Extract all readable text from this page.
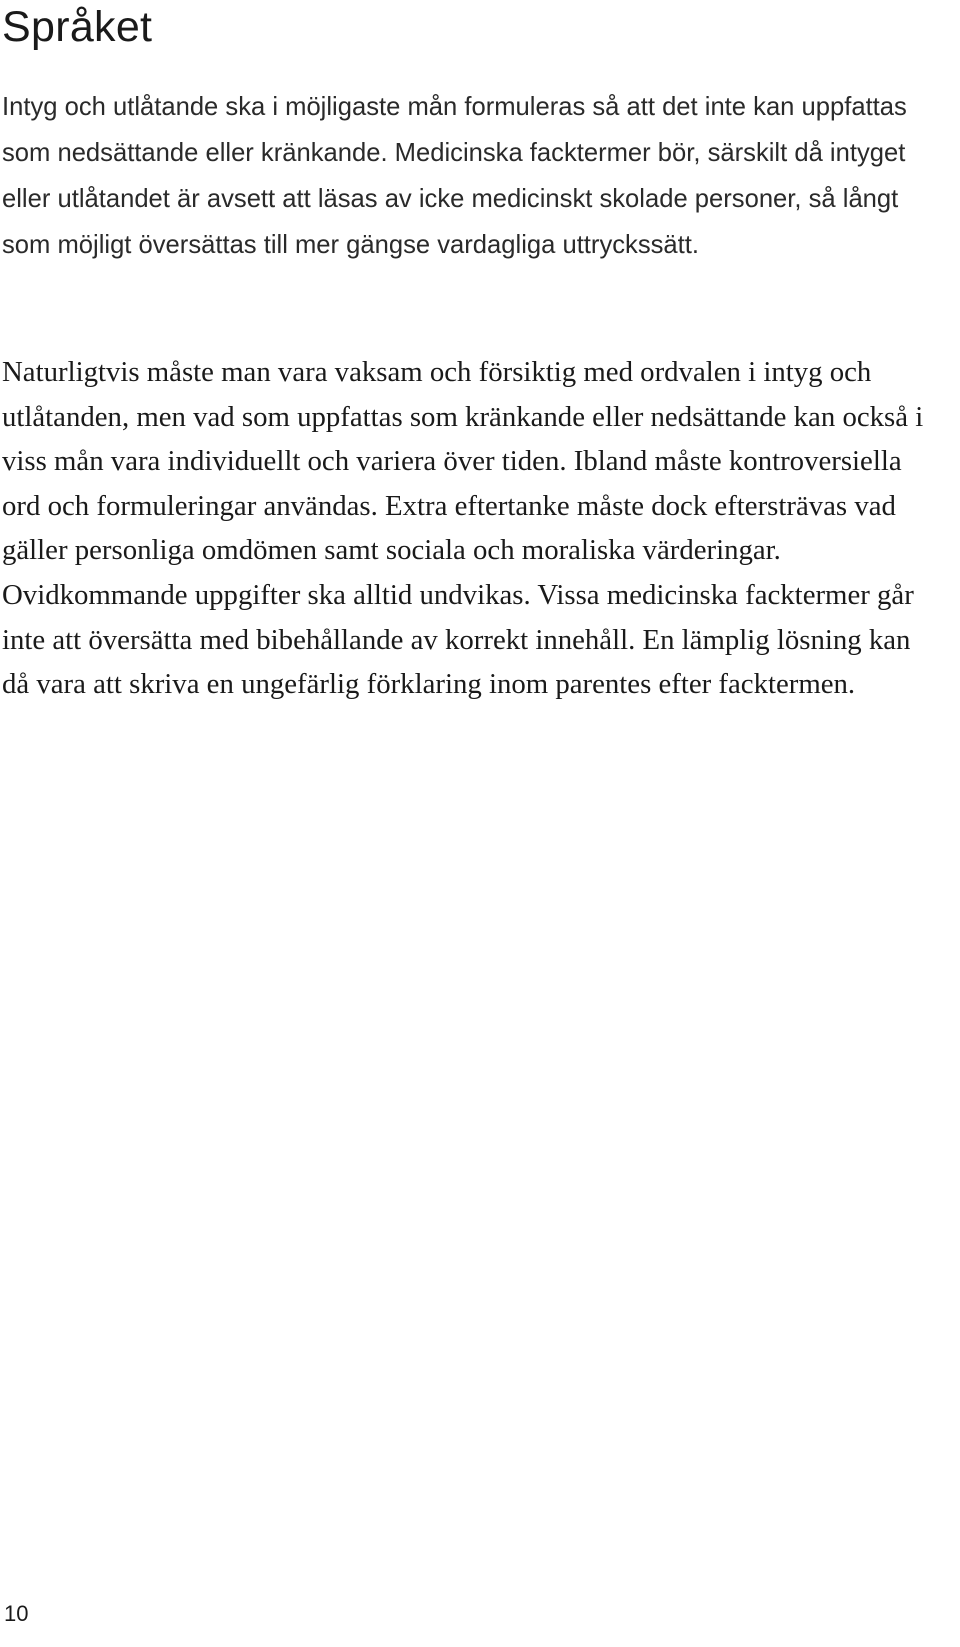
Språket

Intyg och utlåtande ska i möjligaste mån formuleras så att det inte kan uppfattas som nedsättande eller kränkande. Medicinska facktermer bör, särskilt då intyget eller utlåtandet är avsett att läsas av icke medicinskt skolade personer, så långt som möjligt översättas till mer gängse vardagliga uttryckssätt.

Naturligtvis måste man vara vaksam och försiktig med ordvalen i intyg och utlåtanden, men vad som uppfattas som kränkande eller nedsättande kan också i viss mån vara individuellt och variera över tiden. Ibland måste kontroversiella ord och formuleringar användas. Extra eftertanke måste dock eftersträvas vad gäller personliga omdömen samt sociala och moraliska värderingar. Ovidkommande uppgifter ska alltid undvikas. Vissa medicinska facktermer går inte att översätta med bibehållande av korrekt innehåll. En lämplig lösning kan då vara att skriva en ungefärlig förklaring inom parentes efter facktermen.

10
